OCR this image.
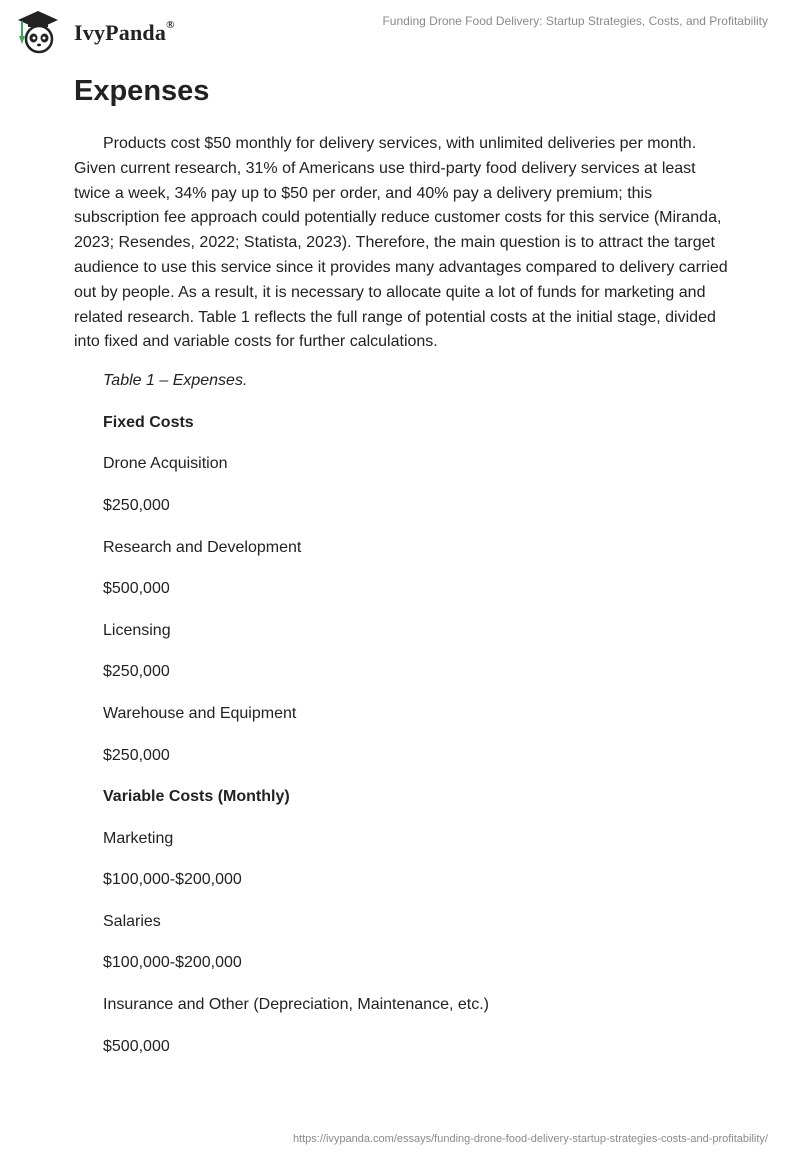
IvyPanda®	Funding Drone Food Delivery: Startup Strategies, Costs, and Profitability
Expenses

Products cost $50 monthly for delivery services, with unlimited deliveries per month. Given current research, 31% of Americans use third-party food delivery services at least twice a week, 34% pay up to $50 per order, and 40% pay a delivery premium; this subscription fee approach could potentially reduce customer costs for this service (Miranda, 2023; Resendes, 2022; Statista, 2023). Therefore, the main question is to attract the target audience to use this service since it provides many advantages compared to delivery carried out by people. As a result, it is necessary to allocate quite a lot of funds for marketing and related research. Table 1 reflects the full range of potential costs at the initial stage, divided into fixed and variable costs for further calculations.

Table 1 – Expenses.
Fixed Costs
Drone Acquisition
$250,000
Research and Development
$500,000
Licensing
$250,000
Warehouse and Equipment
$250,000
Variable Costs (Monthly)
Marketing
$100,000-$200,000
Salaries
$100,000-$200,000
Insurance and Other (Depreciation, Maintenance, etc.)
$500,000
https://ivypanda.com/essays/funding-drone-food-delivery-startup-strategies-costs-and-profitability/
